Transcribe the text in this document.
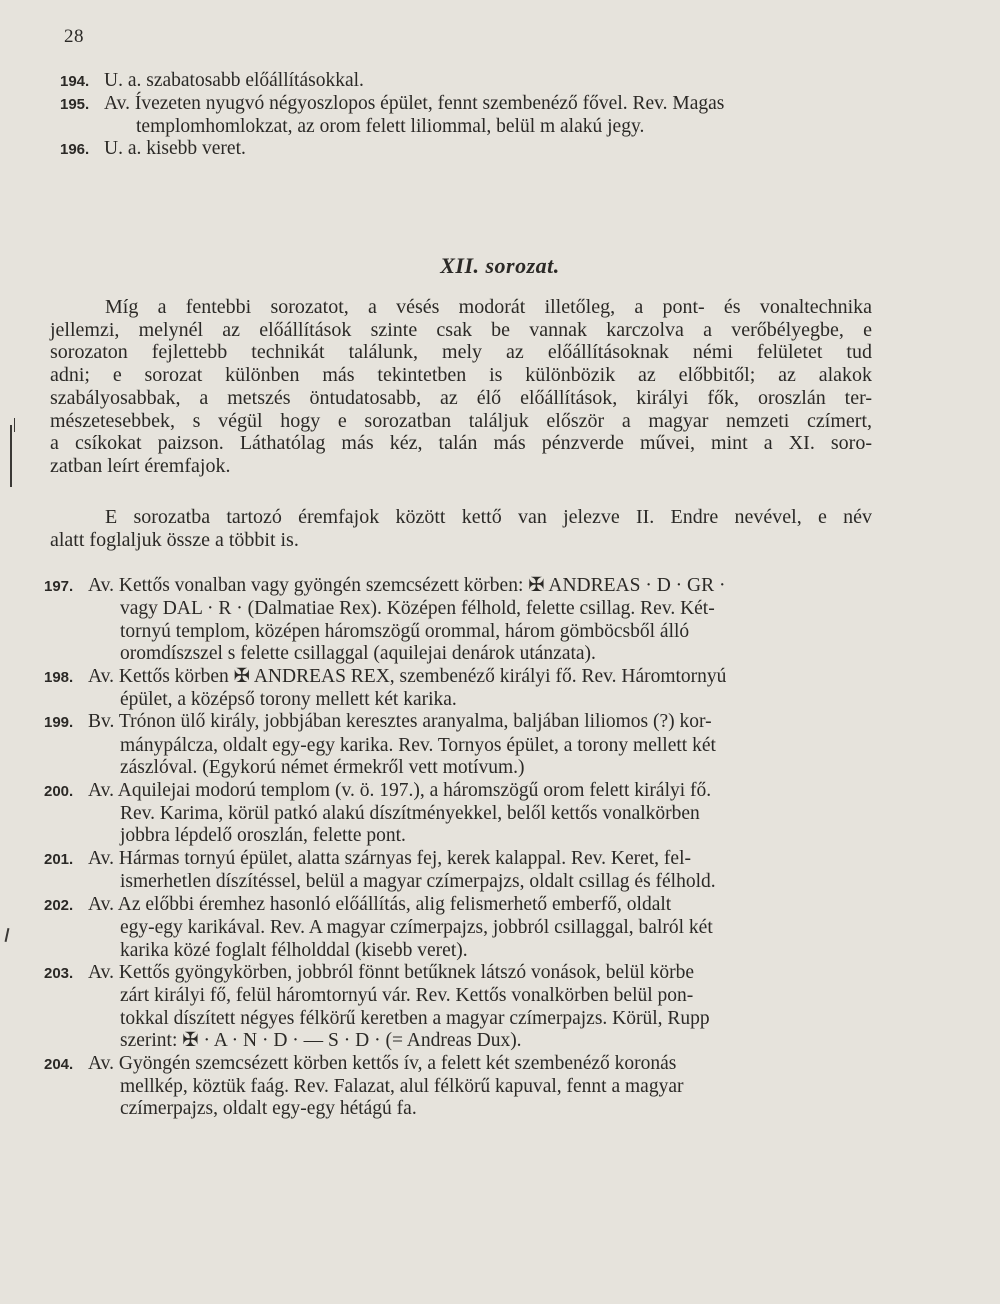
28

194. U. a. szabatosabb előállításokkal.

195. Av. Ívezeten nyugvó négyoszlopos épület, fennt szembenéző fővel. Rev. Magas
templomhomlokzat, az orom felett liliommal, belül m alakú jegy.

196. U. a. kisebb veret.

XII. sorozat.
Míg a fentebbi sorozatot, a vésés modorát illetőleg, a pont- és vonaltechnika
jellemzi, melynél az előállítások szinte csak be vannak karczolva a verőbélyegbe, e
sorozaton fejlettebb technikát találunk, mely az előállításoknak némi felületet tud
adni; e sorozat különben más tekintetben is különbözik az előbbitől; az alakok
szabályosabbak, a metszés öntudatosabb, az élő előállítások, királyi fők, oroszlán ter-
mészetesebbek, s végül hogy e sorozatban találjuk először a magyar nemzeti czímert,
a csíkokat paizson. Láthatólag más kéz, talán más pénzverde művei, mint a XI. soro-
zatban leírt éremfajok.
E sorozatba tartozó éremfajok között kettő van jelezve II. Endre nevével, e név
alatt foglaljuk össze a többit is.

197. Av. Kettős vonalban vagy gyöngén szemcsézett körben: ✠ ANDREAS · D · GR ·
vagy DAL · R · (Dalmatiae Rex). Középen félhold, felette csillag. Rev. Két-
tornyú templom, középen háromszögű orommal, három gömböcsből álló
oromdíszszel s felette csillaggal (aquilejai denárok utánzata).

198. Av. Kettős körben ✠ ANDREAS REX, szembenéző királyi fő. Rev. Háromtornyú
épület, a középső torony mellett két karika.

199. Bv. Trónon ülő király, jobbjában keresztes aranyalma, baljában liliomos (?) kor-
mánypálcza, oldalt egy-egy karika. Rev. Tornyos épület, a torony mellett két
zászlóval. (Egykorú német érmekről vett motívum.)

200. Av. Aquilejai modorú templom (v. ö. 197.), a háromszögű orom felett királyi fő.
Rev. Karima, körül patkó alakú díszítményekkel, belől kettős vonalkörben
jobbra lépdelő oroszlán, felette pont.

201. Av. Hármas tornyú épület, alatta szárnyas fej, kerek kalappal. Rev. Keret, fel-
ismerhetlen díszítéssel, belül a magyar czímerpajzs, oldalt csillag és félhold.

202. Av. Az előbbi éremhez hasonló előállítás, alig felismerhető emberfő, oldalt
egy-egy karikával. Rev. A magyar czímerpajzs, jobbról csillaggal, balról két
karika közé foglalt félholddal (kisebb veret).

203. Av. Kettős gyöngykörben, jobbról fönnt betűknek látszó vonások, belül körbe
zárt királyi fő, felül háromtornyú vár. Rev. Kettős vonalkörben belül pon-
tokkal díszített négyes félkörű keretben a magyar czímerpajzs. Körül, Rupp
szerint: ✠ · A · N · D · — S · D · (= Andreas Dux).

204. Av. Gyöngén szemcsézett körben kettős ív, a felett két szembenéző koronás
mellkép, köztük faág. Rev. Falazat, alul félkörű kapuval, fennt a magyar
czímerpajzs, oldalt egy-egy hétágú fa.
